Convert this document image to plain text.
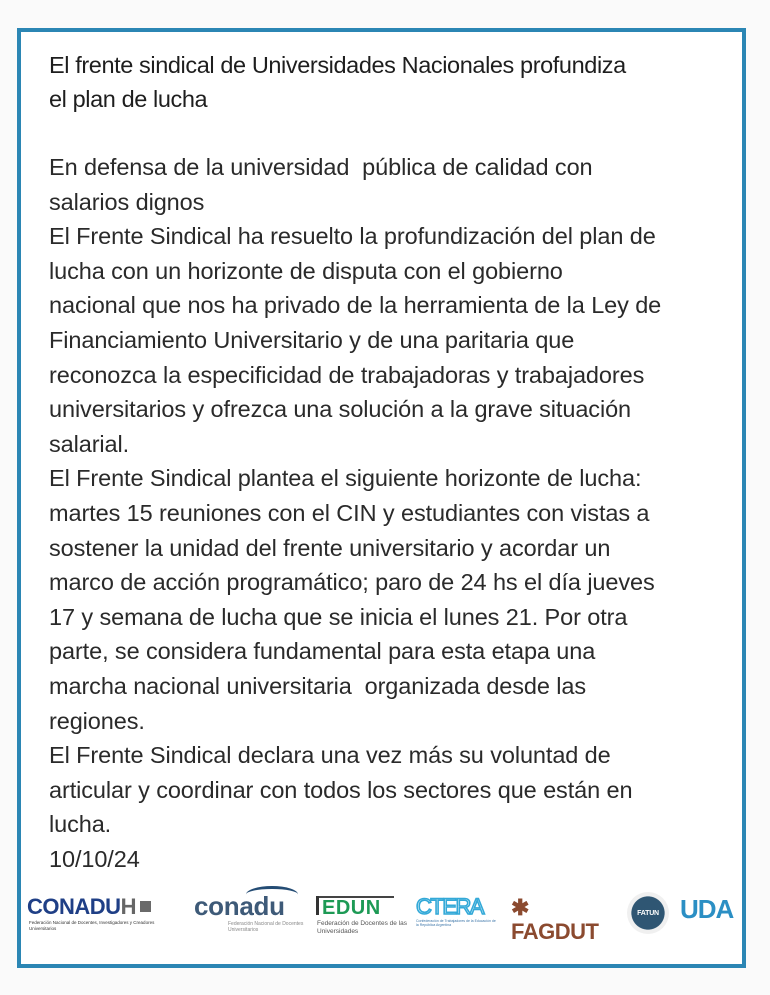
El frente sindical de Universidades Nacionales profundiza
el plan de lucha
En defensa de la universidad  pública de calidad con
salarios dignos
El Frente Sindical ha resuelto la profundización del plan de
lucha con un horizonte de disputa con el gobierno
nacional que nos ha privado de la herramienta de la Ley de
Financiamiento Universitario y de una paritaria que
reconozca la especificidad de trabajadoras y trabajadores
universitarios y ofrezca una solución a la grave situación
salarial.
El Frente Sindical plantea el siguiente horizonte de lucha:
martes 15 reuniones con el CIN y estudiantes con vistas a
sostener la unidad del frente universitario y acordar un
marco de acción programático; paro de 24 hs el día jueves
17 y semana de lucha que se inicia el lunes 21. Por otra
parte, se considera fundamental para esta etapa una
marcha nacional universitaria  organizada desde las
regiones.
El Frente Sindical declara una vez más su voluntad de
articular y coordinar con todos los sectores que están en
lucha.
10/10/24
CONADUH
Federación Nacional de Docentes, Investigadores y Creadores Universitarios
conadu
Federación Nacional de Docentes Universitarios
EDUN
Federación de Docentes de las Universidades
CTERA
Confederación de Trabajadores de la Educación de la República Argentina
✱ FAGDUT
FATUN UDA
